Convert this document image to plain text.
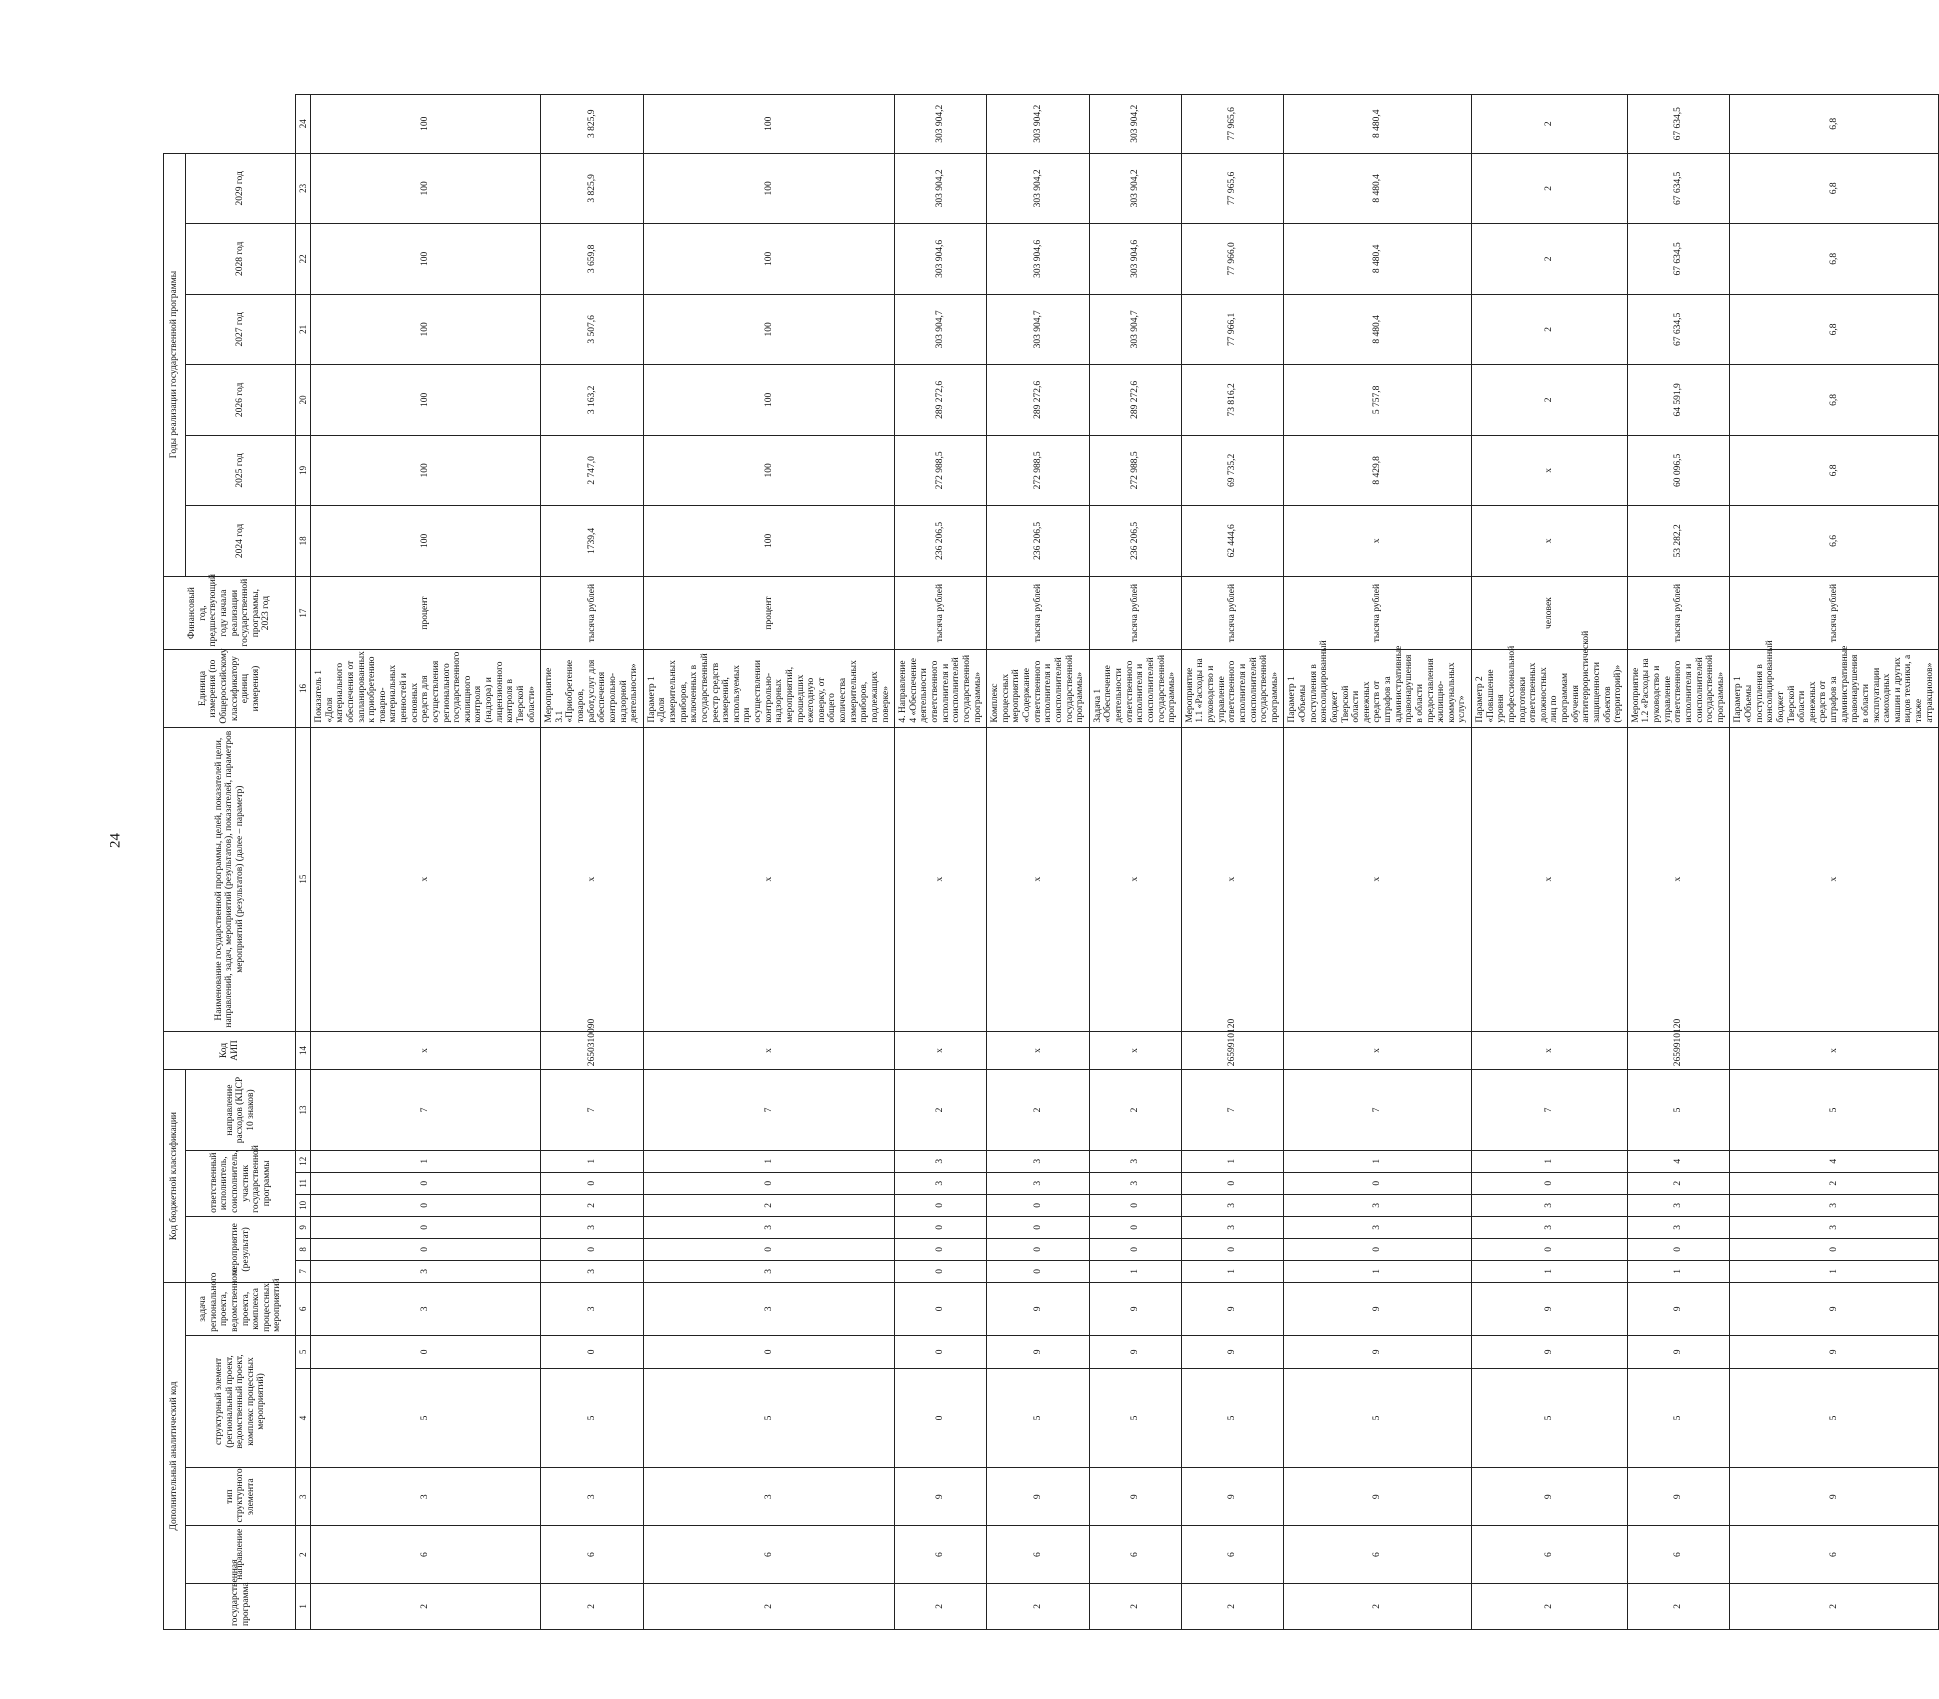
24
Дополнительный аналитический код						Код бюджетной классификации							Код АИП	Наименование государственной программы, целей, показателей цели, направлений, задач, мероприятий (результатов), показателей, параметров мероприятий (результатов) (далее – параметр)	Единица измерения (по Общероссийскому классификатору единиц измерения)	Финансовый год, предшествующий году начала реализации государственной программы, 2023 год	Годы реализации государственной программы						
государственная программа	направление	тип структурного элемента	структурный элемент (региональный проект, ведомственный проект, комплекс процессных мероприятий)		задача регионального проекта, ведомственного проекта, комплекса процессных мероприятий	мероприятие (результат)			ответственный исполнитель, соисполнитель, участник государственной программы			направление расходов (КЦСР 10 знаков)					2024 год	2025 год	2026 год	2027 год	2028 год	2029 год	

1	2	3	4	5	6	7	8	9	10	11	12	13	14	15	16	17	18	19	20	21	22	23	24
2	6	3	5	0	3	3	0	0	0	0	1	7	х	х	Показатель 1 «Доля материального обеспечения от запланированных к приобретению товарно-материальных ценностей и основных средств для осуществления регионального государственного жилищного контроля (надзора) и лицензионного контроля в Тверской области»	процент	100	100	100	100	100	100	100
2	6	3	5	0	3	3	0	3	2	0	1	7	2650310090	х	Мероприятие 3.1 «Приобретение товаров, работ,услуг для обеспечения контрольно-надзорной деятельности»	тысяча рублей	1739,4	2 747,0	3 163,2	3 507,6	3 659,8	3 825,9	3 825,9
2	6	3	5	0	3	3	0	3	2	0	1	7	х	х	Параметр 1 «Доля измерительных приборов, включенных в государственный реестр средств измерений, используемых при осуществлении контрольно-надзорных мероприятий, прошедших ежегодную поверку, от общего количества измерительных приборов, подлежащих поверке»	процент	100	100	100	100	100	100	100
2	6	9	0	0	0	0	0	0	0	3	3	2	х	х	4. Направление 4 «Обеспечение деятельности ответственного исполнителя и соисполнителей государственной программы»	тысяча рублей	236 206,5	272 988,5	289 272,6	303 904,7	303 904,6	303 904,2	303 904,2
2	6	9	5	9	9	0	0	0	0	3	3	2	х	х	Комплекс процессных мероприятий «Содержание ответственного исполнителя и соисполнителей государственной программы»	тысяча рублей	236 206,5	272 988,5	289 272,6	303 904,7	303 904,6	303 904,2	303 904,2
2	6	9	5	9	9	1	0	0	0	3	3	2	х	х	Задача 1 «Обеспечение деятельности ответственного исполнителя и соисполнителей государственной программы»	тысяча рублей	236 206,5	272 988,5	289 272,6	303 904,7	303 904,6	303 904,2	303 904,2
2	6	9	5	9	9	1	0	3	3	0	1	7	2659910120	х	Мероприятие 1.1 «Расходы на руководство и управление ответственного исполнителя и соисполнителей государственной программы»	тысяча рублей	62 444,6	69 735,2	73 816,2	77 966,1	77 966,0	77 965,6	77 965,6
2	6	9	5	9	9	1	0	3	3	0	1	7	х	х	Параметр 1 «Объемы поступления в консолидированный бюджет Тверской области денежных средств от штрафов за административные правонарушения в области предоставления жилищно-коммунальных услуг»	тысяча рублей	х	8 429,8	5 757,8	8 480,4	8 480,4	8 480,4	8 480,4
2	6	9	5	9	9	1	0	3	3	0	1	7	х	х	Параметр 2 «Повышение уровня профессиональной подготовки ответственных должностных лиц по программам обучения антитеррористической защищенности объектов (территорий)»	человек	х	х	2	2	2	2	2
2	6	9	5	9	9	1	0	3	3	2	4	5	2659910120	х	Мероприятие 1.2 «Расходы на руководство и управление ответственного исполнителя и соисполнителей государственной программы»	тысяча рублей	53 282,2	60 096,5	64 591,9	67 634,5	67 634,5	67 634,5	67 634,5
2	6	9	5	9	9	1	0	3	3	2	4	5	х	х	Параметр 1 «Объемы поступления в консолидированный бюджет Тверской области денежных средств от штрафов за административные правонарушения в области эксплуатации самоходных машин и других видов техники, а также аттракционов»	тысяча рублей	6,6	6,8	6,8	6,8	6,8	6,8	6,8
